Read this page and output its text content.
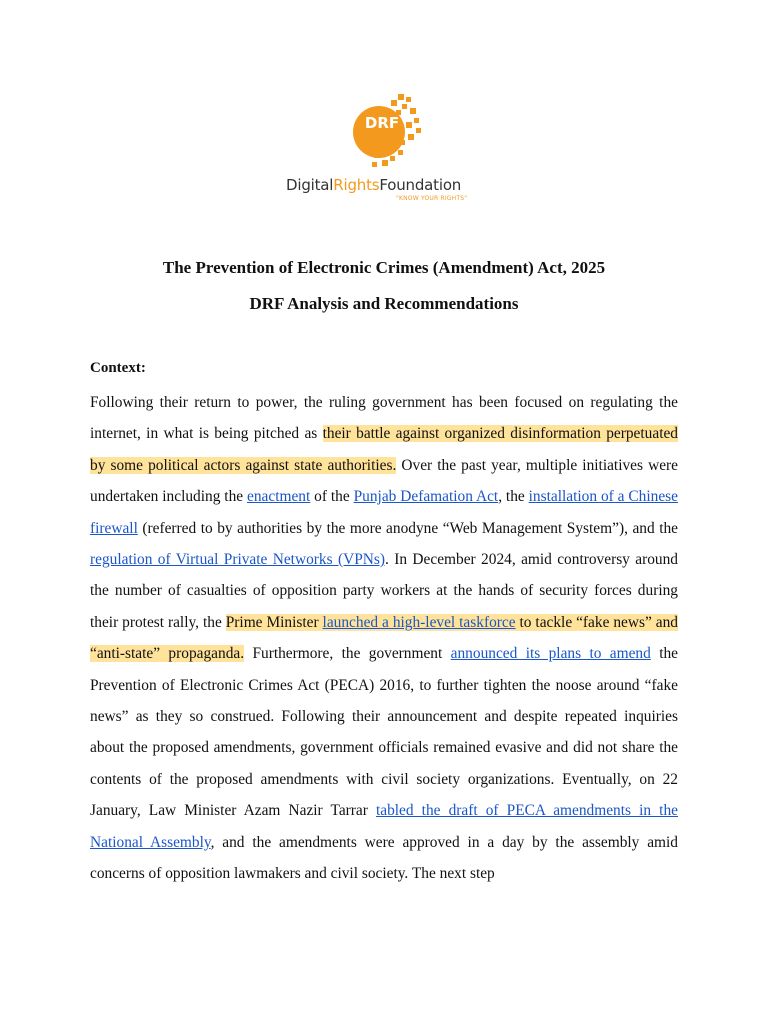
DRF
DigitalRightsFoundation
"KNOW YOUR RIGHTS"
The Prevention of Electronic Crimes (Amendment) Act, 2025
DRF Analysis and Recommendations
Context:
Following their return to power, the ruling government has been focused on regulating the internet, in what is being pitched as their battle against organized disinformation perpetuated by some political actors against state authorities. Over the past year, multiple initiatives were undertaken including the enactment of the Punjab Defamation Act, the installation of a Chinese firewall (referred to by authorities by the more anodyne “Web Management System”), and the regulation of Virtual Private Networks (VPNs). In December 2024, amid controversy around the number of casualties of opposition party workers at the hands of security forces during their protest rally, the Prime Minister launched a high-level taskforce to tackle “fake news” and “anti-state” propaganda. Furthermore, the government announced its plans to amend the Prevention of Electronic Crimes Act (PECA) 2016, to further tighten the noose around “fake news” as they so construed. Following their announcement and despite repeated inquiries about the proposed amendments, government officials remained evasive and did not share the contents of the proposed amendments with civil society organizations. Eventually, on 22 January, Law Minister Azam Nazir Tarrar tabled the draft of PECA amendments in the National Assembly, and the amendments were approved in a day by the assembly amid concerns of opposition lawmakers and civil society. The next step
